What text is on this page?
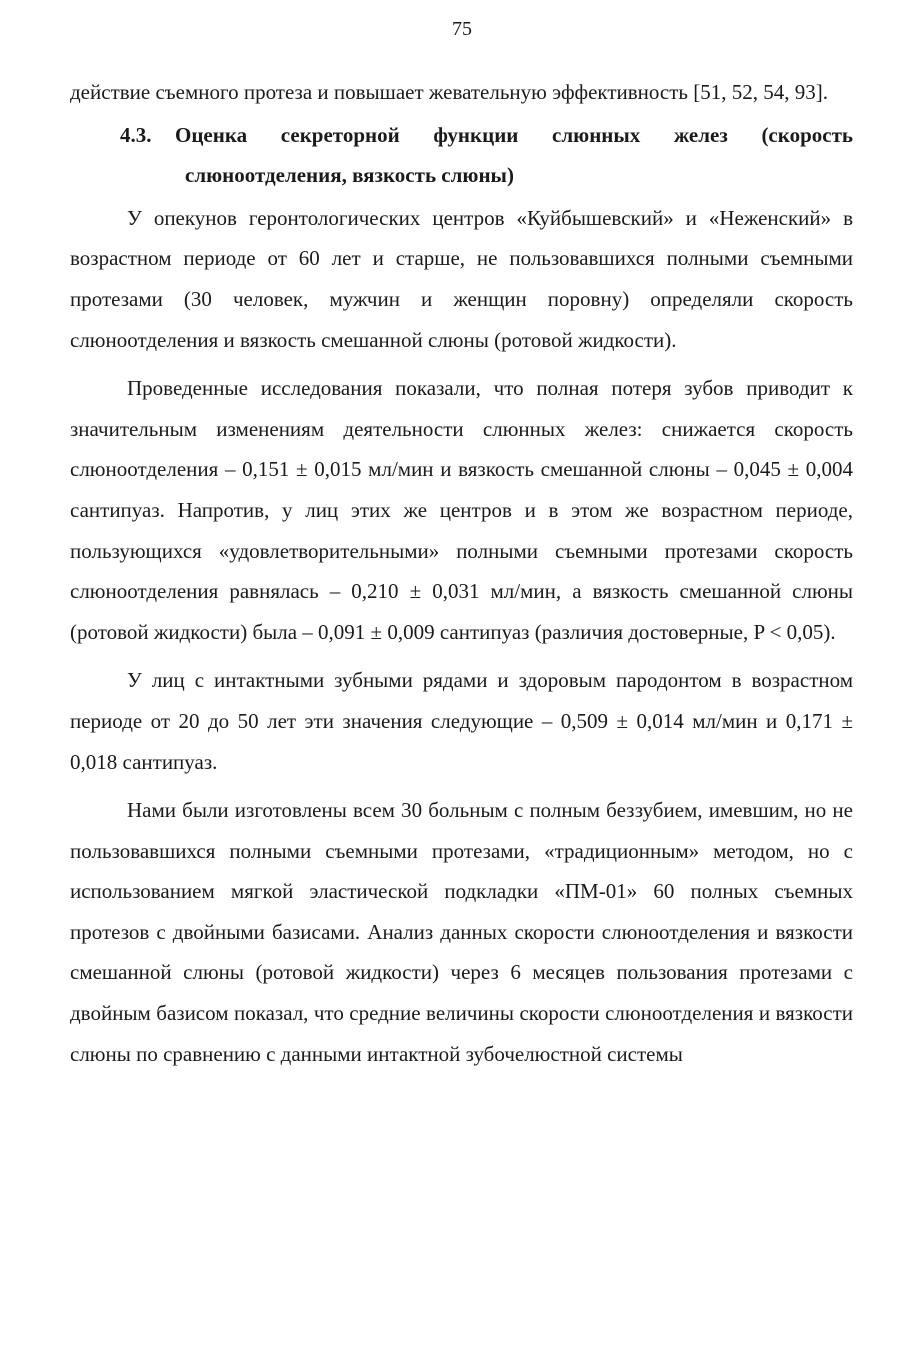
75

действие съемного протеза и повышает жевательную эффективность [51, 52, 54, 93].

4.3. Оценка секреторной функции слюнных желез (скорость
слюноотделения, вязкость слюны)

У опекунов геронтологических центров «Куйбышевский» и «Неженский» в возрастном периоде от 60 лет и старше, не пользовавшихся полными съемными протезами (30 человек, мужчин и женщин поровну) определяли скорость слюноотделения и вязкость смешанной слюны (ротовой жидкости).

Проведенные исследования показали, что полная потеря зубов приводит к значительным изменениям деятельности слюнных желез: снижается скорость слюноотделения – 0,151 ± 0,015 мл/мин и вязкость смешанной слюны – 0,045 ± 0,004 сантипуаз. Напротив, у лиц этих же центров и в этом же возрастном периоде, пользующихся «удовлетворительными» полными съемными протезами скорость слюноотделения равнялась – 0,210 ± 0,031 мл/мин, а вязкость смешанной слюны (ротовой жидкости) была – 0,091 ± 0,009 сантипуаз (различия достоверные, P < 0,05).

У лиц с интактными зубными рядами и здоровым пародонтом в возрастном периоде от 20 до 50 лет эти значения следующие – 0,509 ± 0,014 мл/мин и 0,171 ± 0,018 сантипуаз.

Нами были изготовлены всем 30 больным с полным беззубием, имевшим, но не пользовавшихся полными съемными протезами, «традиционным» методом, но с использованием мягкой эластической подкладки «ПМ-01» 60 полных съемных протезов с двойными базисами. Анализ данных скорости слюноотделения и вязкости смешанной слюны (ротовой жидкости) через 6 месяцев пользования протезами с двойным базисом показал, что средние величины скорости слюноотделения и вязкости слюны по сравнению с данными интактной зубочелюстной системы
